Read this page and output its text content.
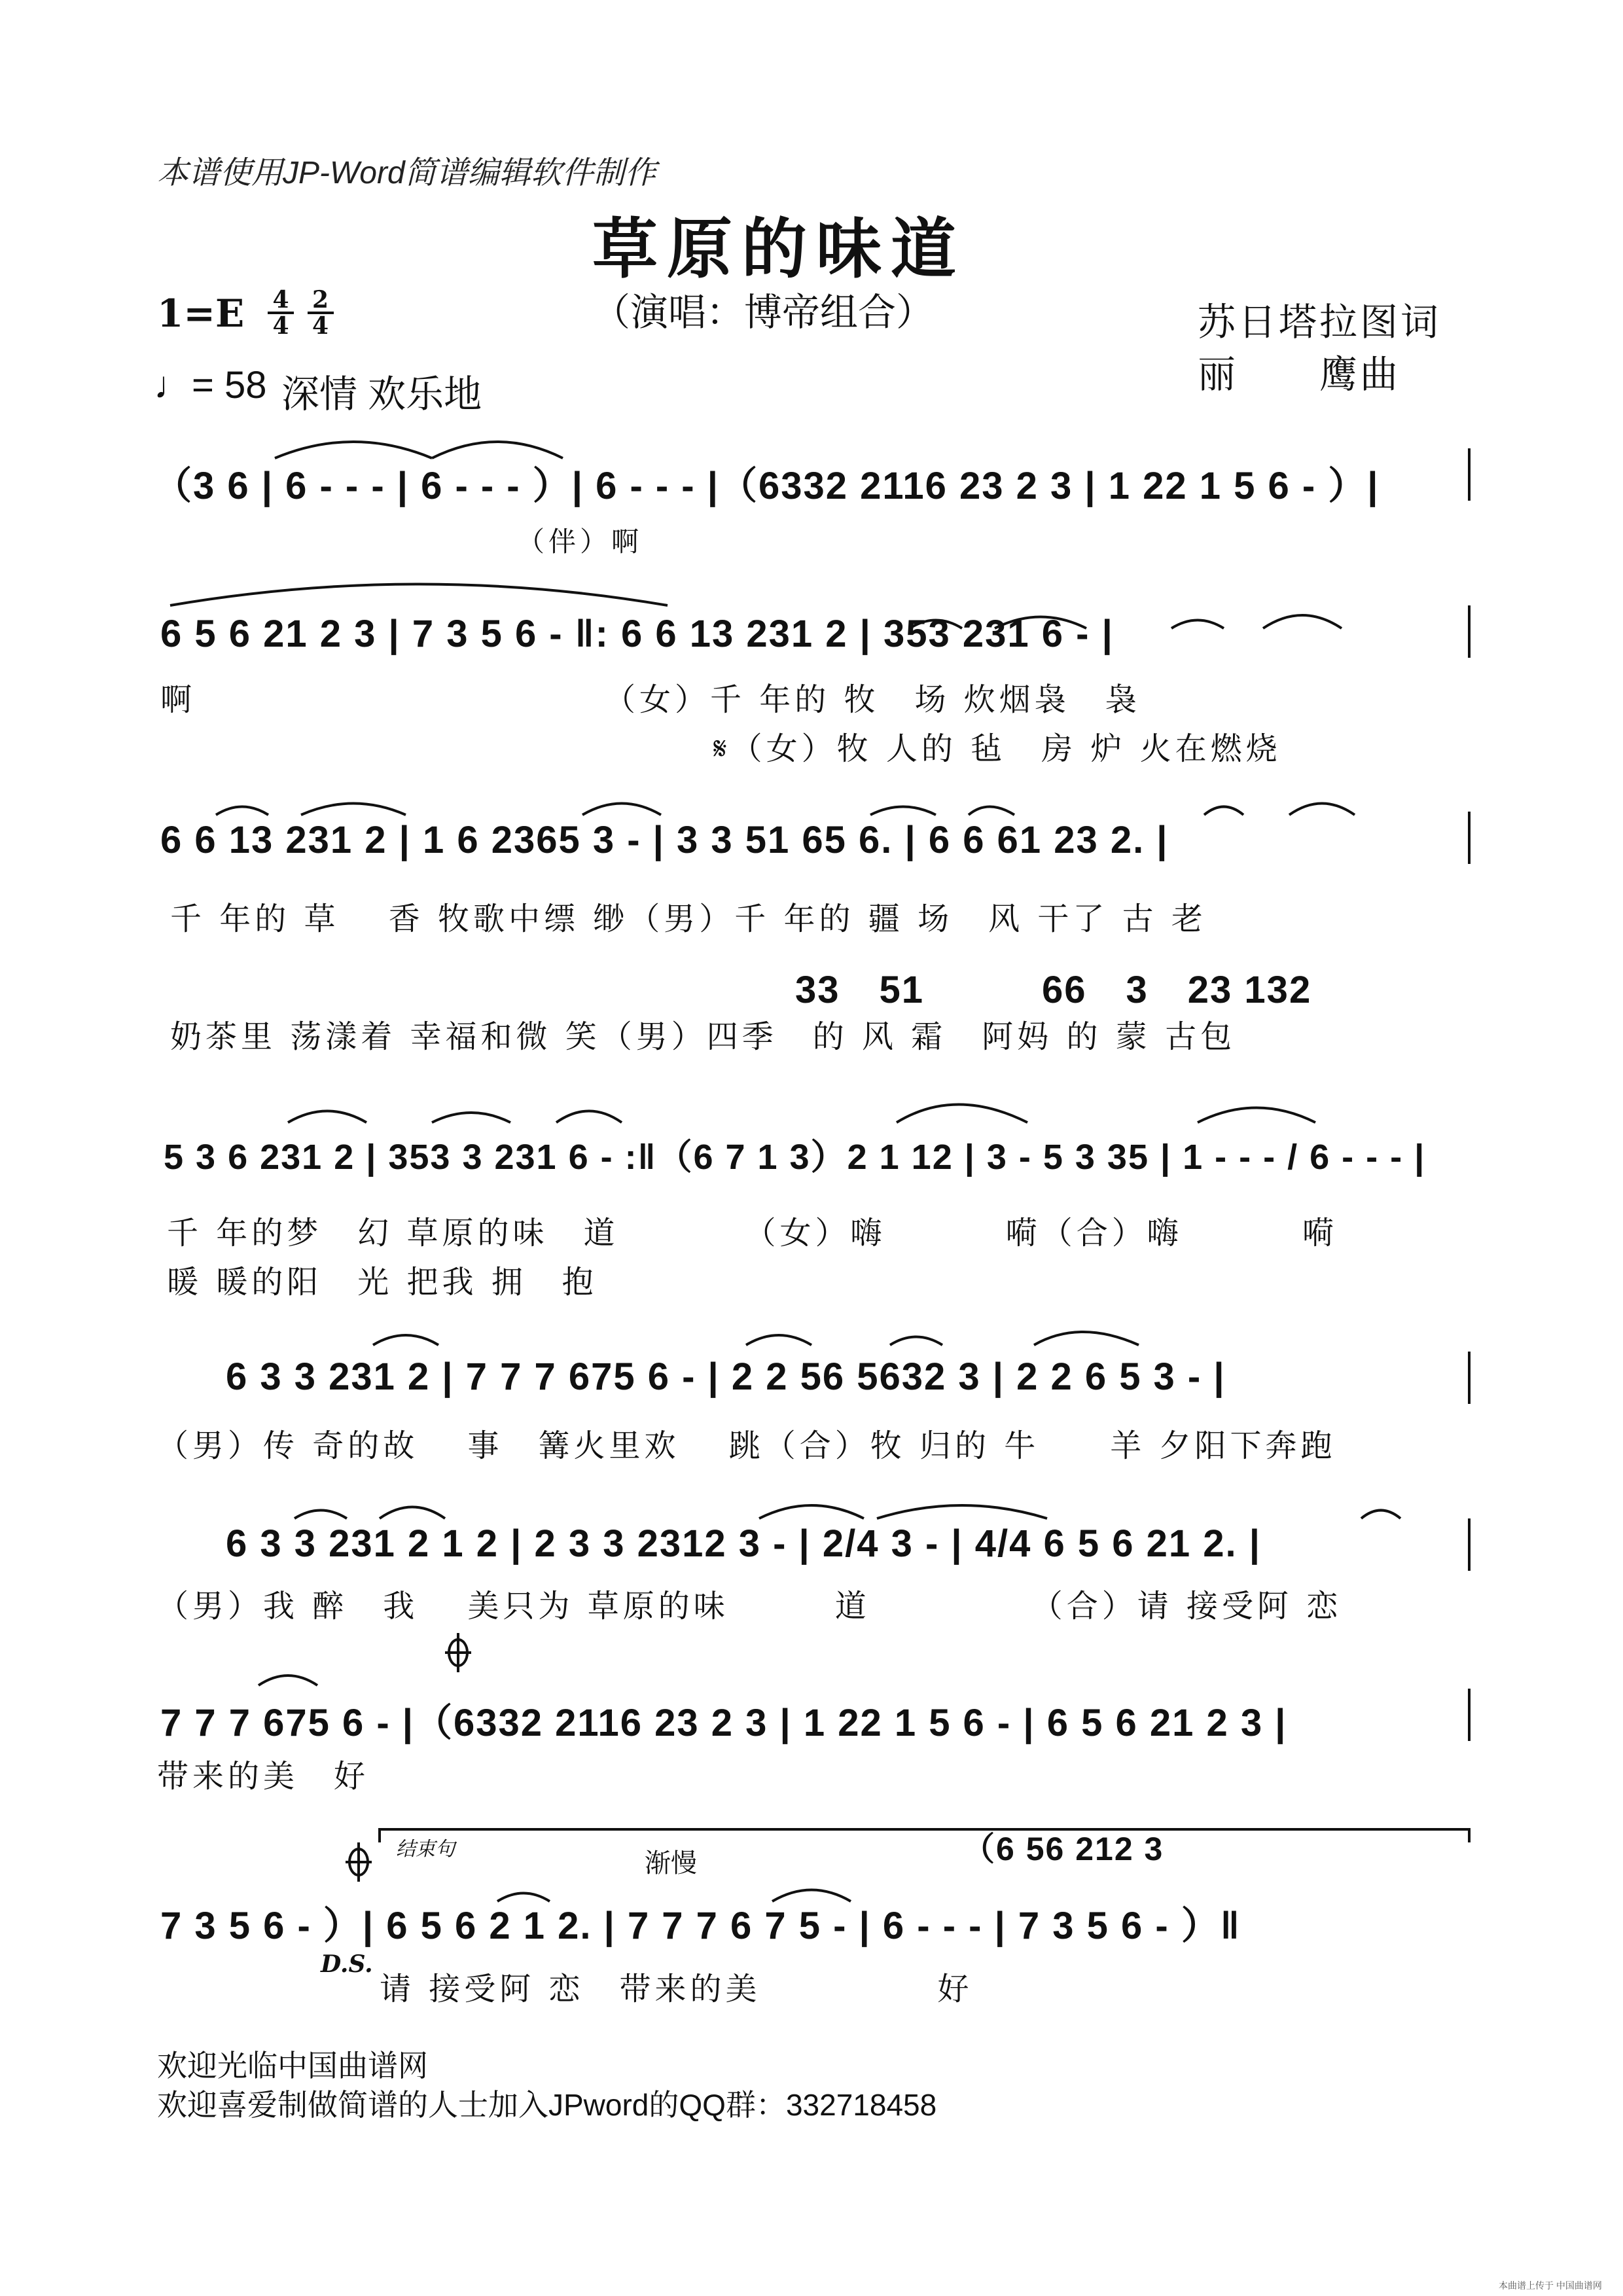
本谱使用JP-Word简谱编辑软件制作
草原的味道
（演唱：博帝组合）
$1=E \frac{4}{4}$
$\frac{2}{4}$
♩= 58 深情 欢乐地
苏日塔拉图词
丽　　鹰曲
（3 6 | 6 - - - | 6 - - - ）| 6 - - - |（6332 2116 23 2 3 | 1 22 1 5 6 - ）|
（伴）啊
6 5 6 21 2 3 | 7 3 5 6 - ‖: 6 6 13 231 2 | 353 231 6 - |
啊　　　　　　　　　　　　（女）千 年的 牧　场 炊烟袅　袅
𝄋（女）牧 人的 毡　房 炉 火在燃烧
6 6 13 231 2 | 1 6 2365 3 - | 3 3 51 65 6. | 6 6 61 23 2. |
千 年的 草　 香 牧歌中缥 缈（男）千 年的 疆 场　风 干了 古 老
33　51　　　66　3　23 132
奶茶里 荡漾着 幸福和微 笑（男）四季　的 风 霜　阿妈 的 蒙 古包
5 3 6 231 2 | 353 3 231 6 - :‖（6 7 1 3）2 1 12 | 3 - 5 3 35 | 1 - - - / 6 - - - |
千 年的梦　幻 草原的味　道　　　　（女）嗨　　　 嗬（合）嗨　　　 嗬
暖 暖的阳　光 把我 拥　抱
6 3 3 231 2 | 7 7 7 675 6 - | 2 2 56 5632 3 | 2 2 6 5 3 - |
（男）传 奇的故　 事　篝火里欢　 跳（合）牧 归的 牛　　羊 夕阳下奔跑
6 3 3 231 2 1 2 | 2 3 3 2312 3 - | 2/4 3 - | 4/4 6 5 6 21 2. |
（男）我 醉　我　 美只为 草原的味　　　道　　　　　（合）请 接受阿 恋
7 7 7 675 6 - |（6332 2116 23 2 3 | 1 22 1 5 6 - | 6 5 6 21 2 3 |
带来的美　好
结束句	渐慢	（6 56 212 3
7 3 5 6 - ）| 6 5 6 2 1 2. | 7 7 7 6 7 5 - | 6 - - - | 7 3 5 6 - ）‖
D.S.
请 接受阿 恋　带来的美　　　　　好
欢迎光临中国曲谱网
欢迎喜爱制做简谱的人士加入JPword的QQ群：332718458
本曲谱上传于 中国曲谱网
